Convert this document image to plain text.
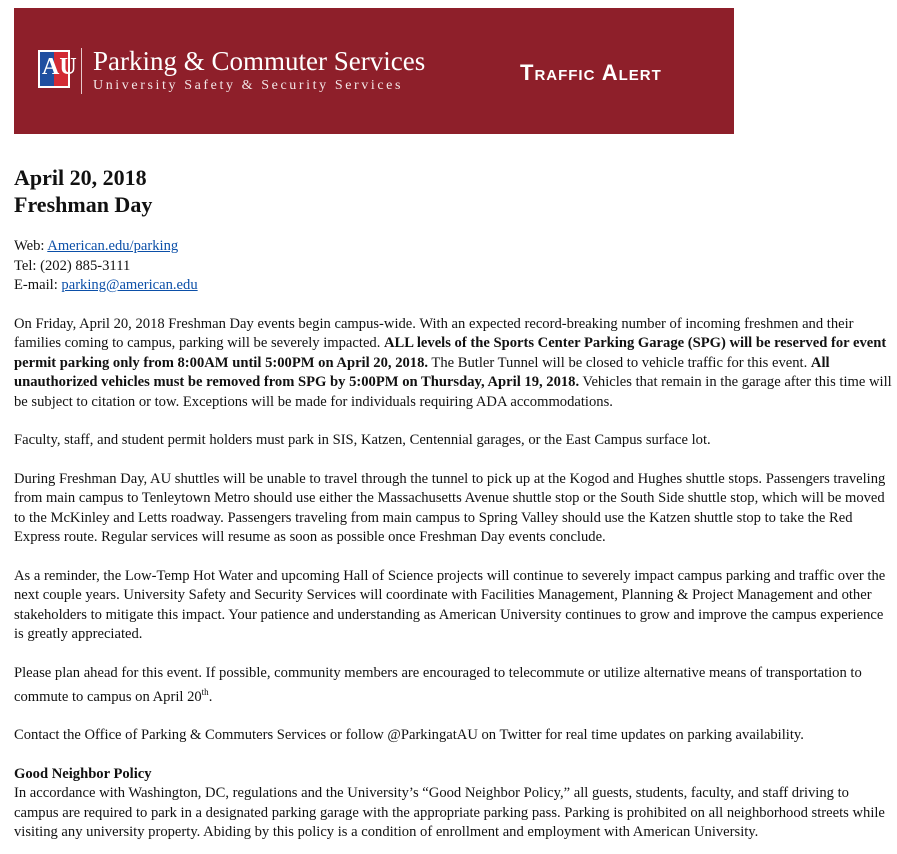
AU Parking & Commuter Services
University Safety & Security Services
Traffic Alert
April 20, 2018
Freshman Day
Web: American.edu/parking
Tel: (202) 885-3111
E-mail: parking@american.edu

On Friday, April 20, 2018 Freshman Day events begin campus-wide. With an expected record-breaking number of incoming freshmen and their families coming to campus, parking will be severely impacted. ALL levels of the Sports Center Parking Garage (SPG) will be reserved for event permit parking only from 8:00AM until 5:00PM on April 20, 2018. The Butler Tunnel will be closed to vehicle traffic for this event. All unauthorized vehicles must be removed from SPG by 5:00PM on Thursday, April 19, 2018. Vehicles that remain in the garage after this time will be subject to citation or tow. Exceptions will be made for individuals requiring ADA accommodations.

Faculty, staff, and student permit holders must park in SIS, Katzen, Centennial garages, or the East Campus surface lot.

During Freshman Day, AU shuttles will be unable to travel through the tunnel to pick up at the Kogod and Hughes shuttle stops. Passengers traveling from main campus to Tenleytown Metro should use either the Massachusetts Avenue shuttle stop or the South Side shuttle stop, which will be moved to the McKinley and Letts roadway. Passengers traveling from main campus to Spring Valley should use the Katzen shuttle stop to take the Red Express route. Regular services will resume as soon as possible once Freshman Day events conclude.

As a reminder, the Low-Temp Hot Water and upcoming Hall of Science projects will continue to severely impact campus parking and traffic over the next couple years. University Safety and Security Services will coordinate with Facilities Management, Planning & Project Management and other stakeholders to mitigate this impact. Your patience and understanding as American University continues to grow and improve the campus experience is greatly appreciated.

Please plan ahead for this event. If possible, community members are encouraged to telecommute or utilize alternative means of transportation to commute to campus on April 20th.

Contact the Office of Parking & Commuters Services or follow @ParkingatAU on Twitter for real time updates on parking availability.

Good Neighbor Policy
In accordance with Washington, DC, regulations and the University’s “Good Neighbor Policy,” all guests, students, faculty, and staff driving to campus are required to park in a designated parking garage with the appropriate parking pass. Parking is prohibited on all neighborhood streets while visiting any university property. Abiding by this policy is a condition of enrollment and employment with American University.
